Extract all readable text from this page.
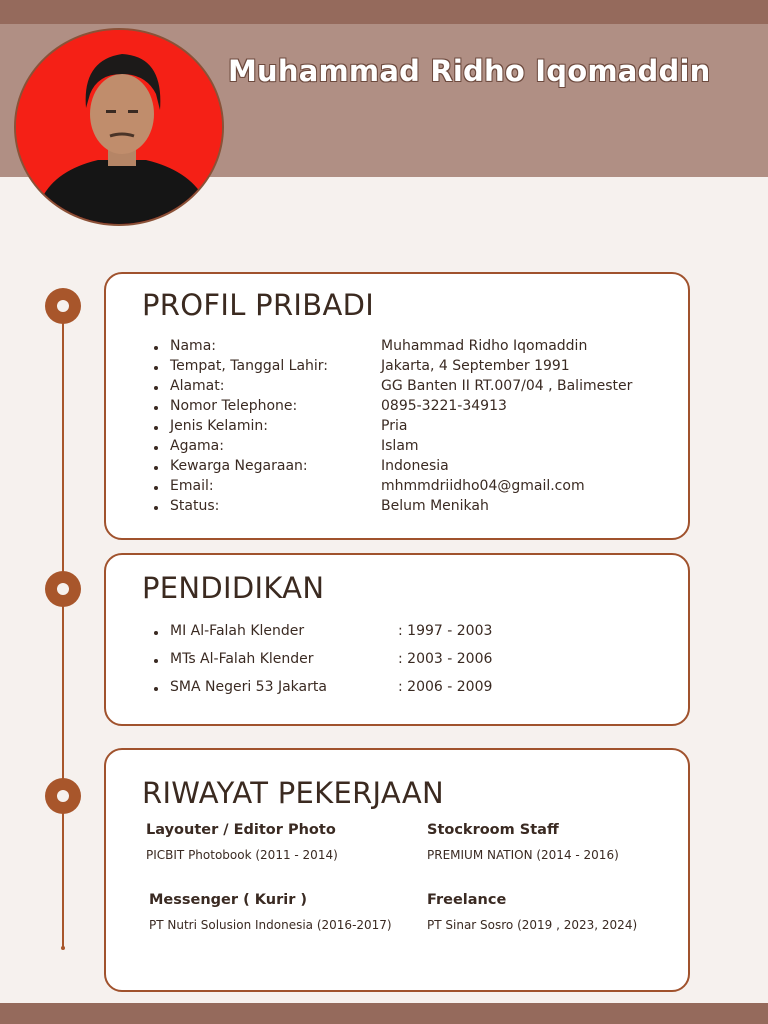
Muhammad Ridho Iqomaddin
PROFIL PRIBADI
Nama:	Muhammad Ridho Iqomaddin
Tempat, Tanggal Lahir:	Jakarta, 4 September 1991
Alamat:	GG Banten II RT.007/04 , Balimester
Nomor Telephone:	0895-3221-34913
Jenis Kelamin:	Pria
Agama:	Islam
Kewarga Negaraan:	Indonesia
Email:	mhmmdriidho04@gmail.com
Status:	Belum Menikah
PENDIDIKAN
MI Al-Falah Klender	: 1997 - 2003
MTs Al-Falah Klender	: 2003 - 2006
SMA Negeri 53 Jakarta	: 2006 - 2009
RIWAYAT PEKERJAAN
Layouter / Editor Photo
PICBIT Photobook (2011 - 2014)
Stockroom Staff
PREMIUM NATION (2014 - 2016)
Messenger ( Kurir )
PT Nutri Solusion Indonesia (2016-2017)
Freelance
PT Sinar Sosro (2019 , 2023, 2024)
